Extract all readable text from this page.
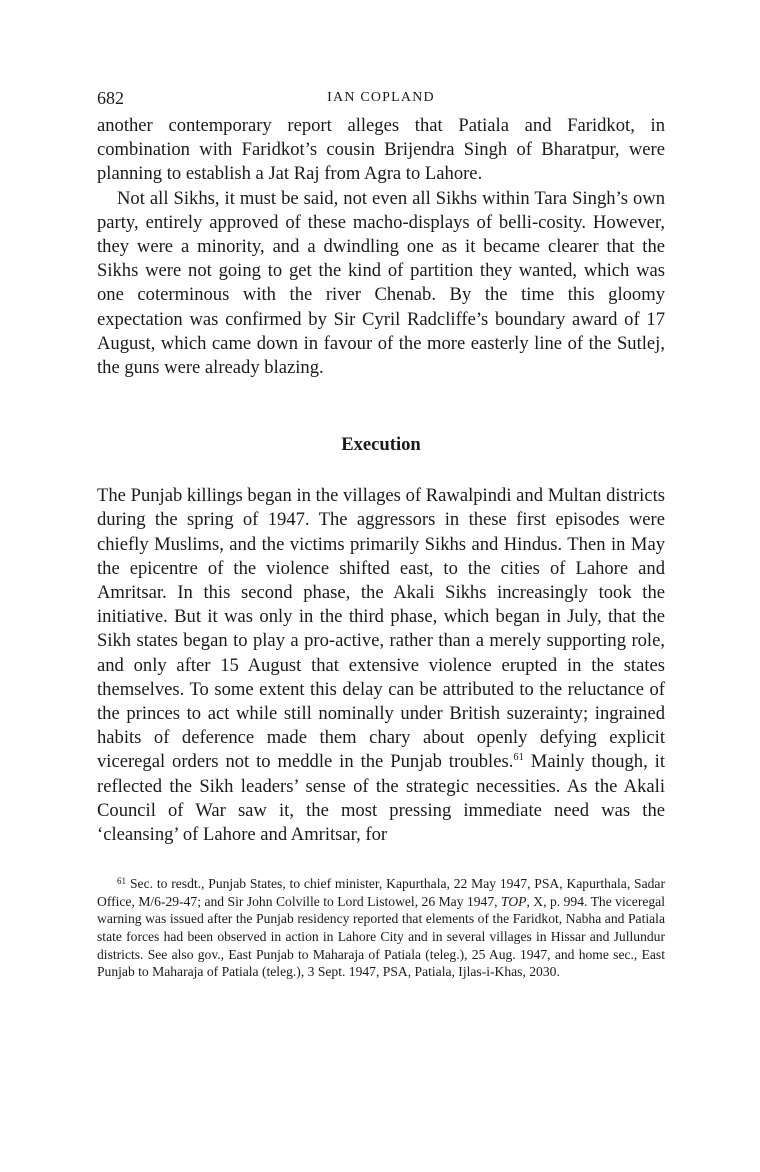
682	IAN COPLAND

another contemporary report alleges that Patiala and Faridkot, in combination with Faridkot’s cousin Brijendra Singh of Bharatpur, were planning to establish a Jat Raj from Agra to Lahore.

Not all Sikhs, it must be said, not even all Sikhs within Tara Singh’s own party, entirely approved of these macho-displays of belli-cosity. However, they were a minority, and a dwindling one as it became clearer that the Sikhs were not going to get the kind of partition they wanted, which was one coterminous with the river Chenab. By the time this gloomy expectation was confirmed by Sir Cyril Radcliffe’s boundary award of 17 August, which came down in favour of the more easterly line of the Sutlej, the guns were already blazing.

Execution

The Punjab killings began in the villages of Rawalpindi and Multan districts during the spring of 1947. The aggressors in these first episodes were chiefly Muslims, and the victims primarily Sikhs and Hindus. Then in May the epicentre of the violence shifted east, to the cities of Lahore and Amritsar. In this second phase, the Akali Sikhs increasingly took the initiative. But it was only in the third phase, which began in July, that the Sikh states began to play a pro-active, rather than a merely supporting role, and only after 15 August that extensive violence erupted in the states themselves. To some extent this delay can be attributed to the reluctance of the princes to act while still nominally under British suzerainty; ingrained habits of deference made them chary about openly defying explicit viceregal orders not to meddle in the Punjab troubles.$^{61}$ Mainly though, it reflected the Sikh leaders’ sense of the strategic necessities. As the Akali Council of War saw it, the most pressing immediate need was the ‘cleansing’ of Lahore and Amritsar, for

$^{61}$ Sec. to resdt., Punjab States, to chief minister, Kapurthala, 22 May 1947, PSA, Kapurthala, Sadar Office, M/6-29-47; and Sir John Colville to Lord Listowel, 26 May 1947, TOP, X, p. 994. The viceregal warning was issued after the Punjab residency reported that elements of the Faridkot, Nabha and Patiala state forces had been observed in action in Lahore City and in several villages in Hissar and Jullundur districts. See also gov., East Punjab to Maharaja of Patiala (teleg.), 25 Aug. 1947, and home sec., East Punjab to Maharaja of Patiala (teleg.), 3 Sept. 1947, PSA, Patiala, Ijlas-i-Khas, 2030.
